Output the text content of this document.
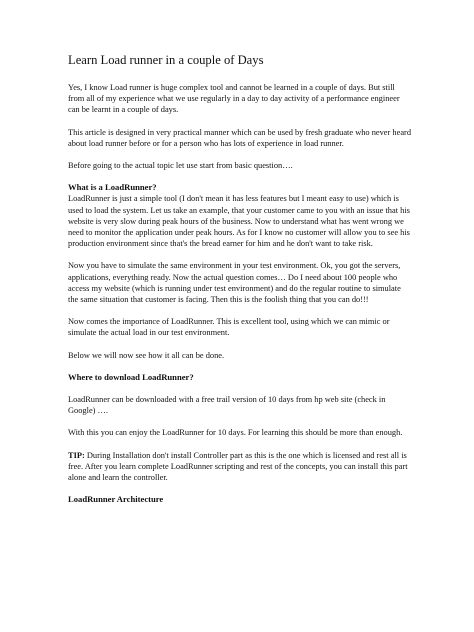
Learn Load runner in a couple of Days

Yes, I know Load runner is huge complex tool and cannot be learned in a couple of days. But still from all of my experience what we use regularly in a day to day activity of a performance engineer can be learnt in a couple of days.

This article is designed in very practical manner which can be used by fresh graduate who never heard about load runner before or for a person who has lots of experience in load runner.

Before going to the actual topic let use start from basic question….

What is a LoadRunner?

LoadRunner is just a simple tool (I don't mean it has less features but I meant easy to use) which is used to load the system. Let us take an example, that your customer came to you with an issue that his website is very slow during peak hours of the business. Now to understand what has went wrong we need to monitor the application under peak hours. As for I know no customer will allow you to see his production environment since that's the bread earner for him and he don't want to take risk.

Now you have to simulate the same environment in your test environment. Ok, you got the servers, applications, everything ready. Now the actual question comes… Do I need about 100 people who access my website (which is running under test environment) and do the regular routine to simulate the same situation that customer is facing. Then this is the foolish thing that you can do!!!

Now comes the importance of LoadRunner. This is excellent tool, using which we can mimic or simulate the actual load in our test environment.

Below we will now see how it all can be done.

Where to download LoadRunner?

LoadRunner can be downloaded with a free trail version of 10 days from hp web site (check in Google) ….

With this you can enjoy the LoadRunner for 10 days. For learning this should be more than enough.

TIP: During Installation don't install Controller part as this is the one which is licensed and rest all is free. After you learn complete LoadRunner scripting and rest of the concepts, you can install this part alone and learn the controller.

LoadRunner Architecture
